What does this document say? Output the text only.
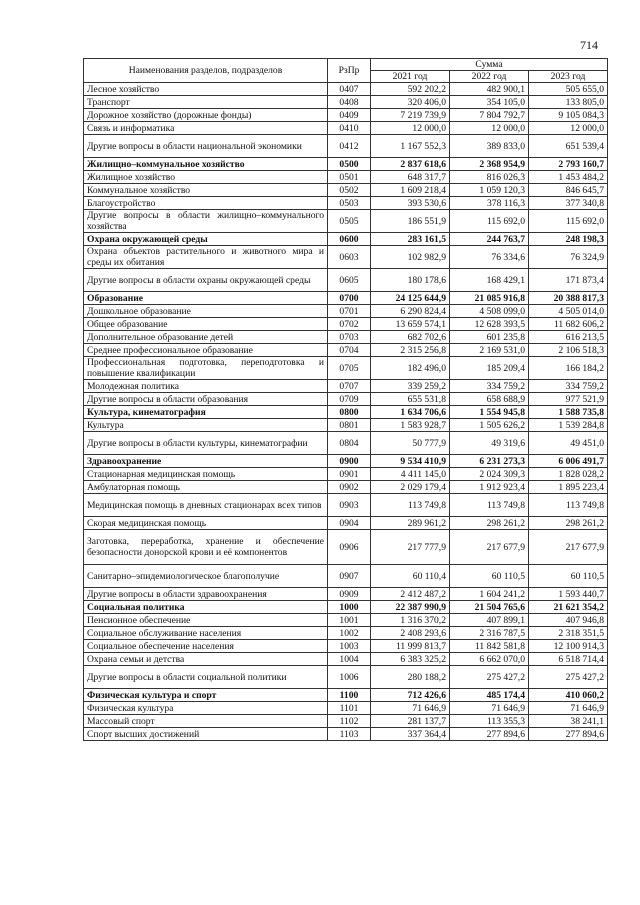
714
Наименования разделов, подразделов	РзПр	Сумма		
		2021 год	2022 год	2023 год
Лесное хозяйство	0407	592 202,2	482 900,1	505 655,0
Транспорт	0408	320 406,0	354 105,0	133 805,0
Дорожное хозяйство (дорожные фонды)	0409	7 219 739,9	7 804 792,7	9 105 084,3
Связь и информатика	0410	12 000,0	12 000,0	12 000,0
Другие вопросы в области национальной экономики	0412	1 167 552,3	389 833,0	651 539,4
Жилищно–коммунальное хозяйство	0500	2 837 618,6	2 368 954,9	2 793 160,7
Жилищное хозяйство	0501	648 317,7	816 026,3	1 453 484,2
Коммунальное хозяйство	0502	1 609 218,4	1 059 120,3	846 645,7
Благоустройство	0503	393 530,6	378 116,3	377 340,8
Другие вопросы в области жилищно–коммунального хозяйства	0505	186 551,9	115 692,0	115 692,0
Охрана окружающей среды	0600	283 161,5	244 763,7	248 198,3
Охрана объектов растительного и животного мира и среды их обитания	0603	102 982,9	76 334,6	76 324,9
Другие вопросы в области охраны окружающей среды	0605	180 178,6	168 429,1	171 873,4
Образование	0700	24 125 644,9	21 085 916,8	20 388 817,3
Дошкольное образование	0701	6 290 824,4	4 508 099,0	4 505 014,0
Общее образование	0702	13 659 574,1	12 628 393,5	11 682 606,2
Дополнительное образование детей	0703	682 702,6	601 235,8	616 213,5
Среднее профессиональное образование	0704	2 315 256,8	2 169 531,0	2 106 518,3
Профессиональная подготовка, переподготовка и повышение квалификации	0705	182 496,0	185 209,4	166 184,2
Молодежная политика	0707	339 259,2	334 759,2	334 759,2
Другие вопросы в области образования	0709	655 531,8	658 688,9	977 521,9
Культура, кинематография	0800	1 634 706,6	1 554 945,8	1 588 735,8
Культура	0801	1 583 928,7	1 505 626,2	1 539 284,8
Другие вопросы в области культуры, кинематографии	0804	50 777,9	49 319,6	49 451,0
Здравоохранение	0900	9 534 410,9	6 231 273,3	6 006 491,7
Стационарная медицинская помощь	0901	4 411 145,0	2 024 309,3	1 828 028,2
Амбулаторная помощь	0902	2 029 179,4	1 912 923,4	1 895 223,4
Медицинская помощь в дневных стационарах всех типов	0903	113 749,8	113 749,8	113 749,8
Скорая медицинская помощь	0904	289 961,2	298 261,2	298 261,2
Заготовка, переработка, хранение и обеспечение безопасности донорской крови и её компонентов	0906	217 777,9	217 677,9	217 677,9
Санитарно–эпидемиологическое благополучие	0907	60 110,4	60 110,5	60 110,5
Другие вопросы в области здравоохранения	0909	2 412 487,2	1 604 241,2	1 593 440,7
Социальная политика	1000	22 387 990,9	21 504 765,6	21 621 354,2
Пенсионное обеспечение	1001	1 316 370,2	407 899,1	407 946,8
Социальное обслуживание населения	1002	2 408 293,6	2 316 787,5	2 318 351,5
Социальное обеспечение населения	1003	11 999 813,7	11 842 581,8	12 100 914,3
Охрана семьи и детства	1004	6 383 325,2	6 662 070,0	6 518 714,4
Другие вопросы в области социальной политики	1006	280 188,2	275 427,2	275 427,2
Физическая культура и спорт	1100	712 426,6	485 174,4	410 060,2
Физическая культура	1101	71 646,9	71 646,9	71 646,9
Массовый спорт	1102	281 137,7	113 355,3	38 241,1
Спорт высших достижений	1103	337 364,4	277 894,6	277 894,6
